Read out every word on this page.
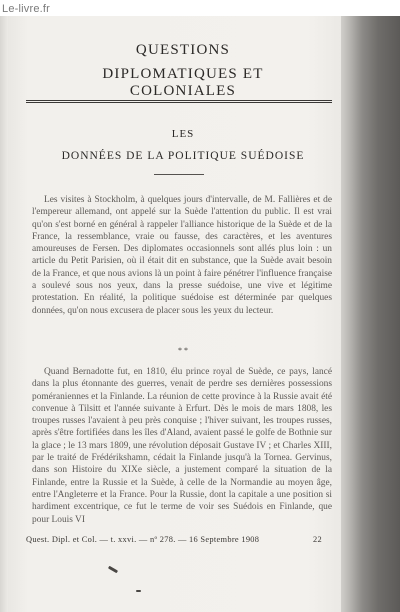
Le-livre.fr
QUESTIONS
DIPLOMATIQUES ET COLONIALES
LES
DONNÉES DE LA POLITIQUE SUÉDOISE

Les visites à Stockholm, à quelques jours d'intervalle, de M. Fallières et de l'empereur allemand, ont appelé sur la Suède l'attention du public. Il est vrai qu'on s'est borné en général à rappeler l'alliance historique de la Suède et de la France, la ressemblance, vraie ou fausse, des caractères, et les aventures amoureuses de Fersen. Des diplomates occasionnels sont allés plus loin : un article du Petit Parisien, où il était dit en substance, que la Suède avait besoin de la France, et que nous avions là un point à faire pénétrer l'influence française a soulevé sous nos yeux, dans la presse suédoise, une vive et légitime protestation. En réalité, la politique suédoise est déterminée par quelques données, qu'on nous excusera de placer sous les yeux du lecteur.

* *

Quand Bernadotte fut, en 1810, élu prince royal de Suède, ce pays, lancé dans la plus étonnante des guerres, venait de perdre ses dernières possessions poméraniennes et la Finlande. La réunion de cette province à la Russie avait été convenue à Tilsitt et l'année suivante à Erfurt. Dès le mois de mars 1808, les troupes russes l'avaient à peu près conquise ; l'hiver suivant, les troupes russes, après s'être fortifiées dans les îles d'Aland, avaient passé le golfe de Bothnie sur la glace ; le 13 mars 1809, une révolution déposait Gustave IV ; et Charles XIII, par le traité de Frédérikshamn, cédait la Finlande jusqu'à la Tornea. Gervinus, dans son Histoire du XIXe siècle, a justement comparé la situation de la Finlande, entre la Russie et la Suède, à celle de la Normandie au moyen âge, entre l'Angleterre et la France. Pour la Russie, dont la capitale a une position si hardiment excentrique, ce fut le terme de voir ses Suédois en Finlande, que pour Louis VI

Quest. Dipl. et Col. — t. xxvi. — nº 278. — 16 Septembre 1908	22
